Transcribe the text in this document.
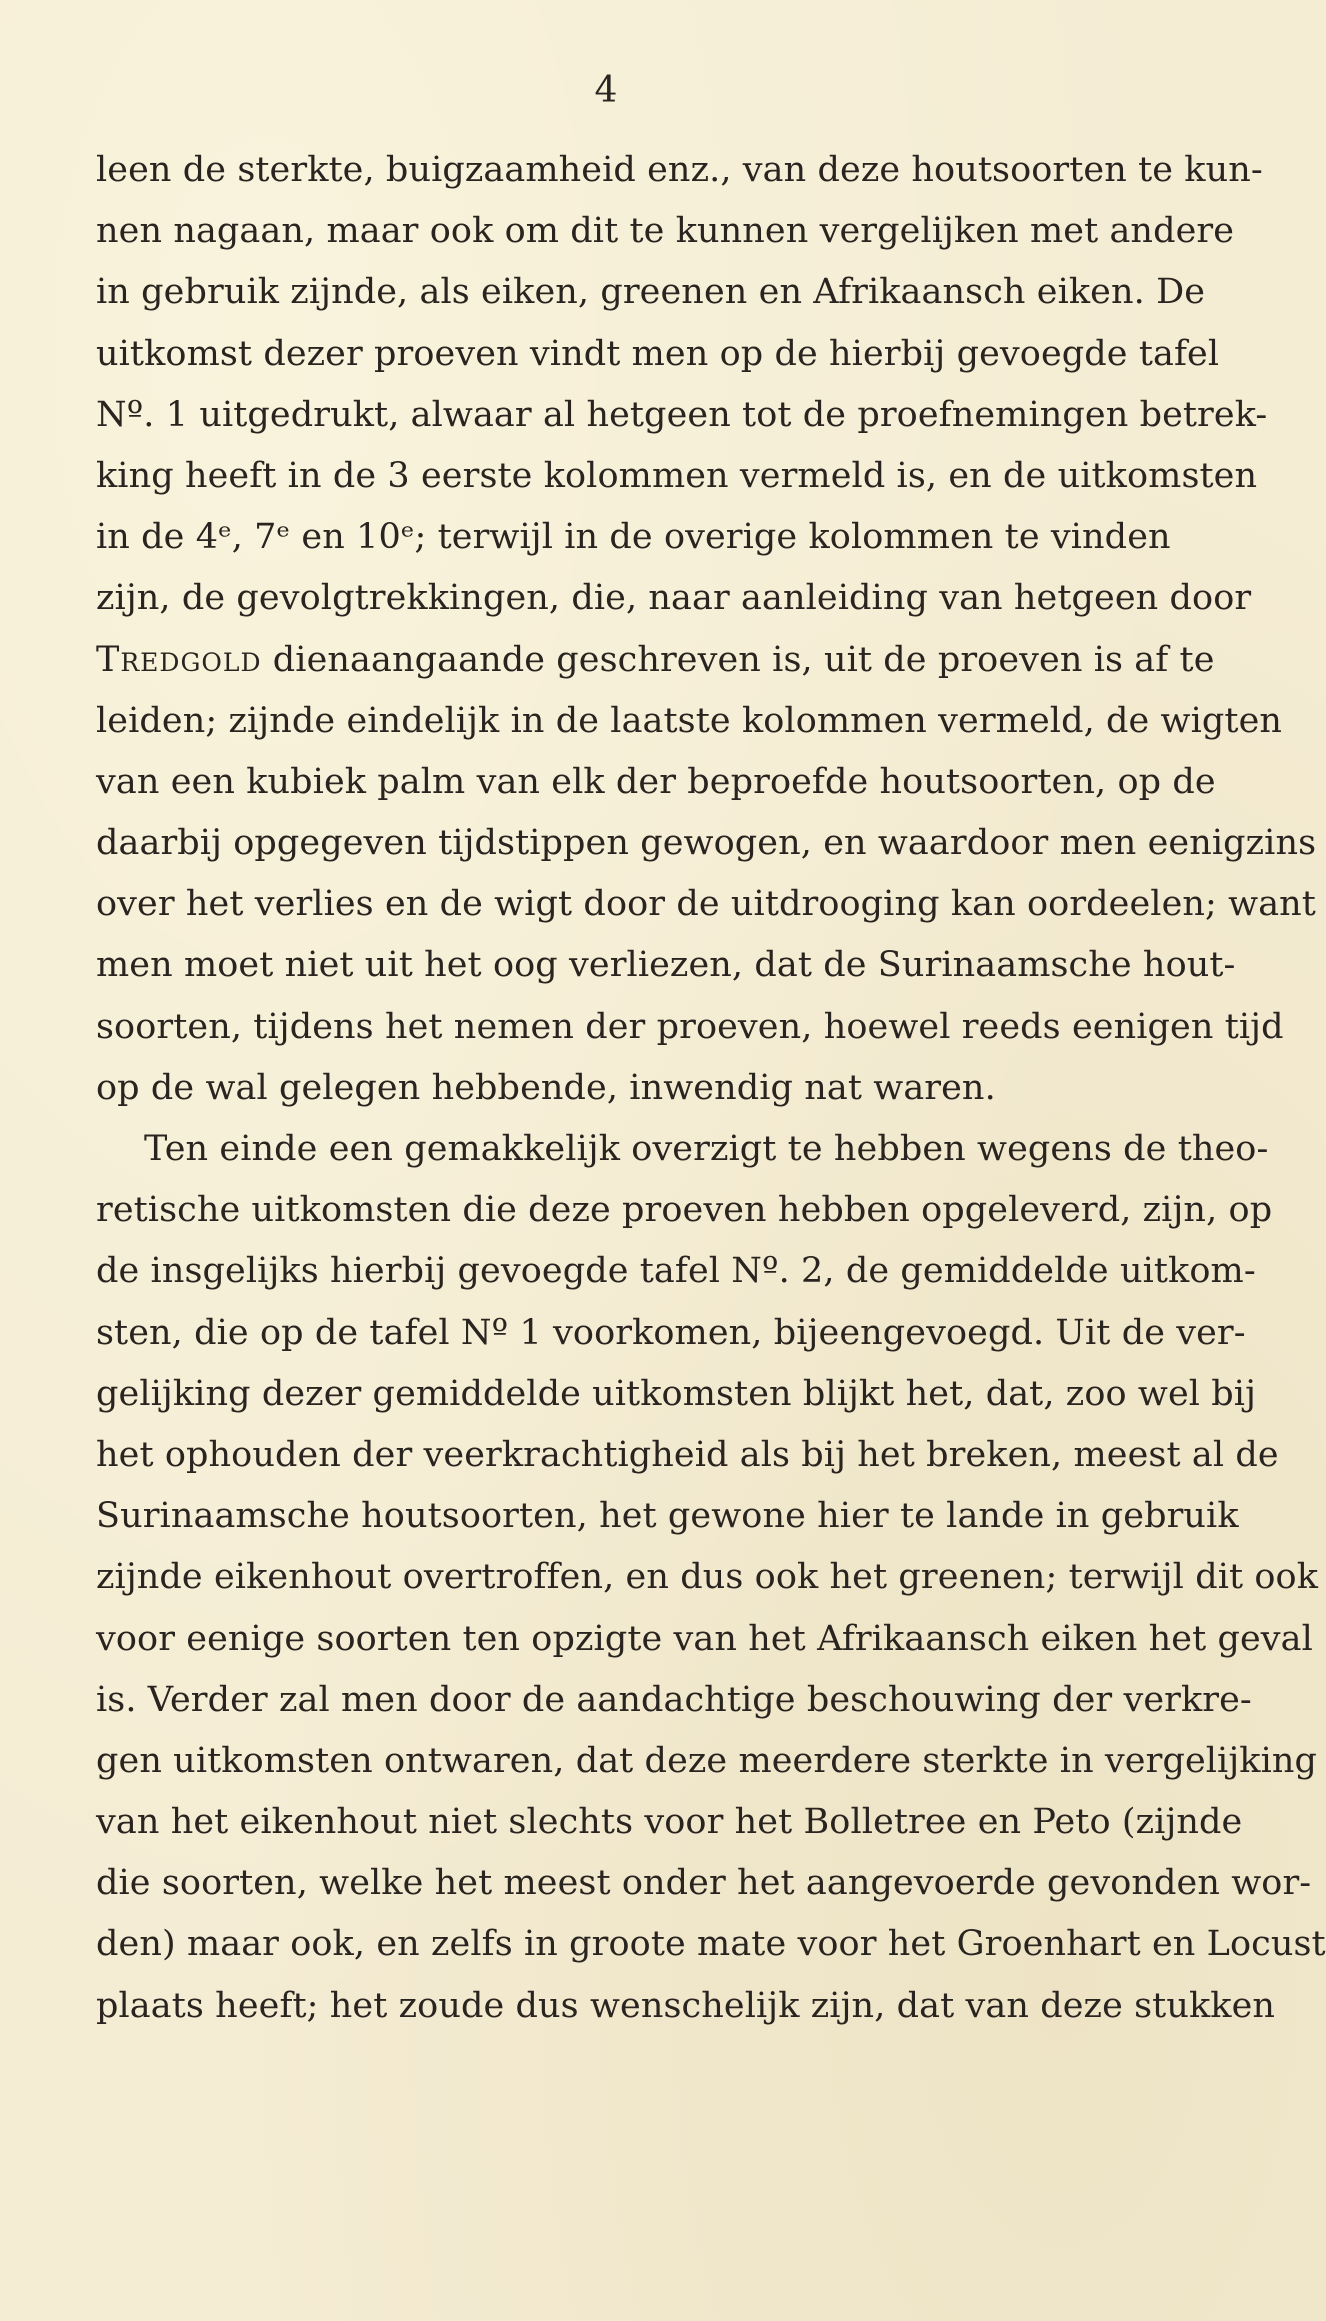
4
leen de sterkte, buigzaamheid enz., van deze houtsoorten te kun-
nen nagaan, maar ook om dit te kunnen vergelijken met andere
in gebruik zijnde, als eiken, greenen en Afrikaansch eiken. De
uitkomst dezer proeven vindt men op de hierbij gevoegde tafel
Nº. 1 uitgedrukt, alwaar al hetgeen tot de proefnemingen betrek-
king heeft in de 3 eerste kolommen vermeld is, en de uitkomsten
in de 4ᵉ, 7ᵉ en 10ᵉ; terwijl in de overige kolommen te vinden
zijn, de gevolgtrekkingen, die, naar aanleiding van hetgeen door
Tredgold dienaangaande geschreven is, uit de proeven is af te
leiden; zijnde eindelijk in de laatste kolommen vermeld, de wigten
van een kubiek palm van elk der beproefde houtsoorten, op de
daarbij opgegeven tijdstippen gewogen, en waardoor men eenigzins
over het verlies en de wigt door de uitdrooging kan oordeelen; want
men moet niet uit het oog verliezen, dat de Surinaamsche hout-
soorten, tijdens het nemen der proeven, hoewel reeds eenigen tijd
op de wal gelegen hebbende, inwendig nat waren.
Ten einde een gemakkelijk overzigt te hebben wegens de theo-
retische uitkomsten die deze proeven hebben opgeleverd, zijn, op
de insgelijks hierbij gevoegde tafel Nº. 2, de gemiddelde uitkom-
sten, die op de tafel Nº 1 voorkomen, bijeengevoegd. Uit de ver-
gelijking dezer gemiddelde uitkomsten blijkt het, dat, zoo wel bij
het ophouden der veerkrachtigheid als bij het breken, meest al de
Surinaamsche houtsoorten, het gewone hier te lande in gebruik
zijnde eikenhout overtroffen, en dus ook het greenen; terwijl dit ook
voor eenige soorten ten opzigte van het Afrikaansch eiken het geval
is. Verder zal men door de aandachtige beschouwing der verkre-
gen uitkomsten ontwaren, dat deze meerdere sterkte in vergelijking
van het eikenhout niet slechts voor het Bolletree en Peto (zijnde
die soorten, welke het meest onder het aangevoerde gevonden wor-
den) maar ook, en zelfs in groote mate voor het Groenhart en Locust
plaats heeft; het zoude dus wenschelijk zijn, dat van deze stukken
